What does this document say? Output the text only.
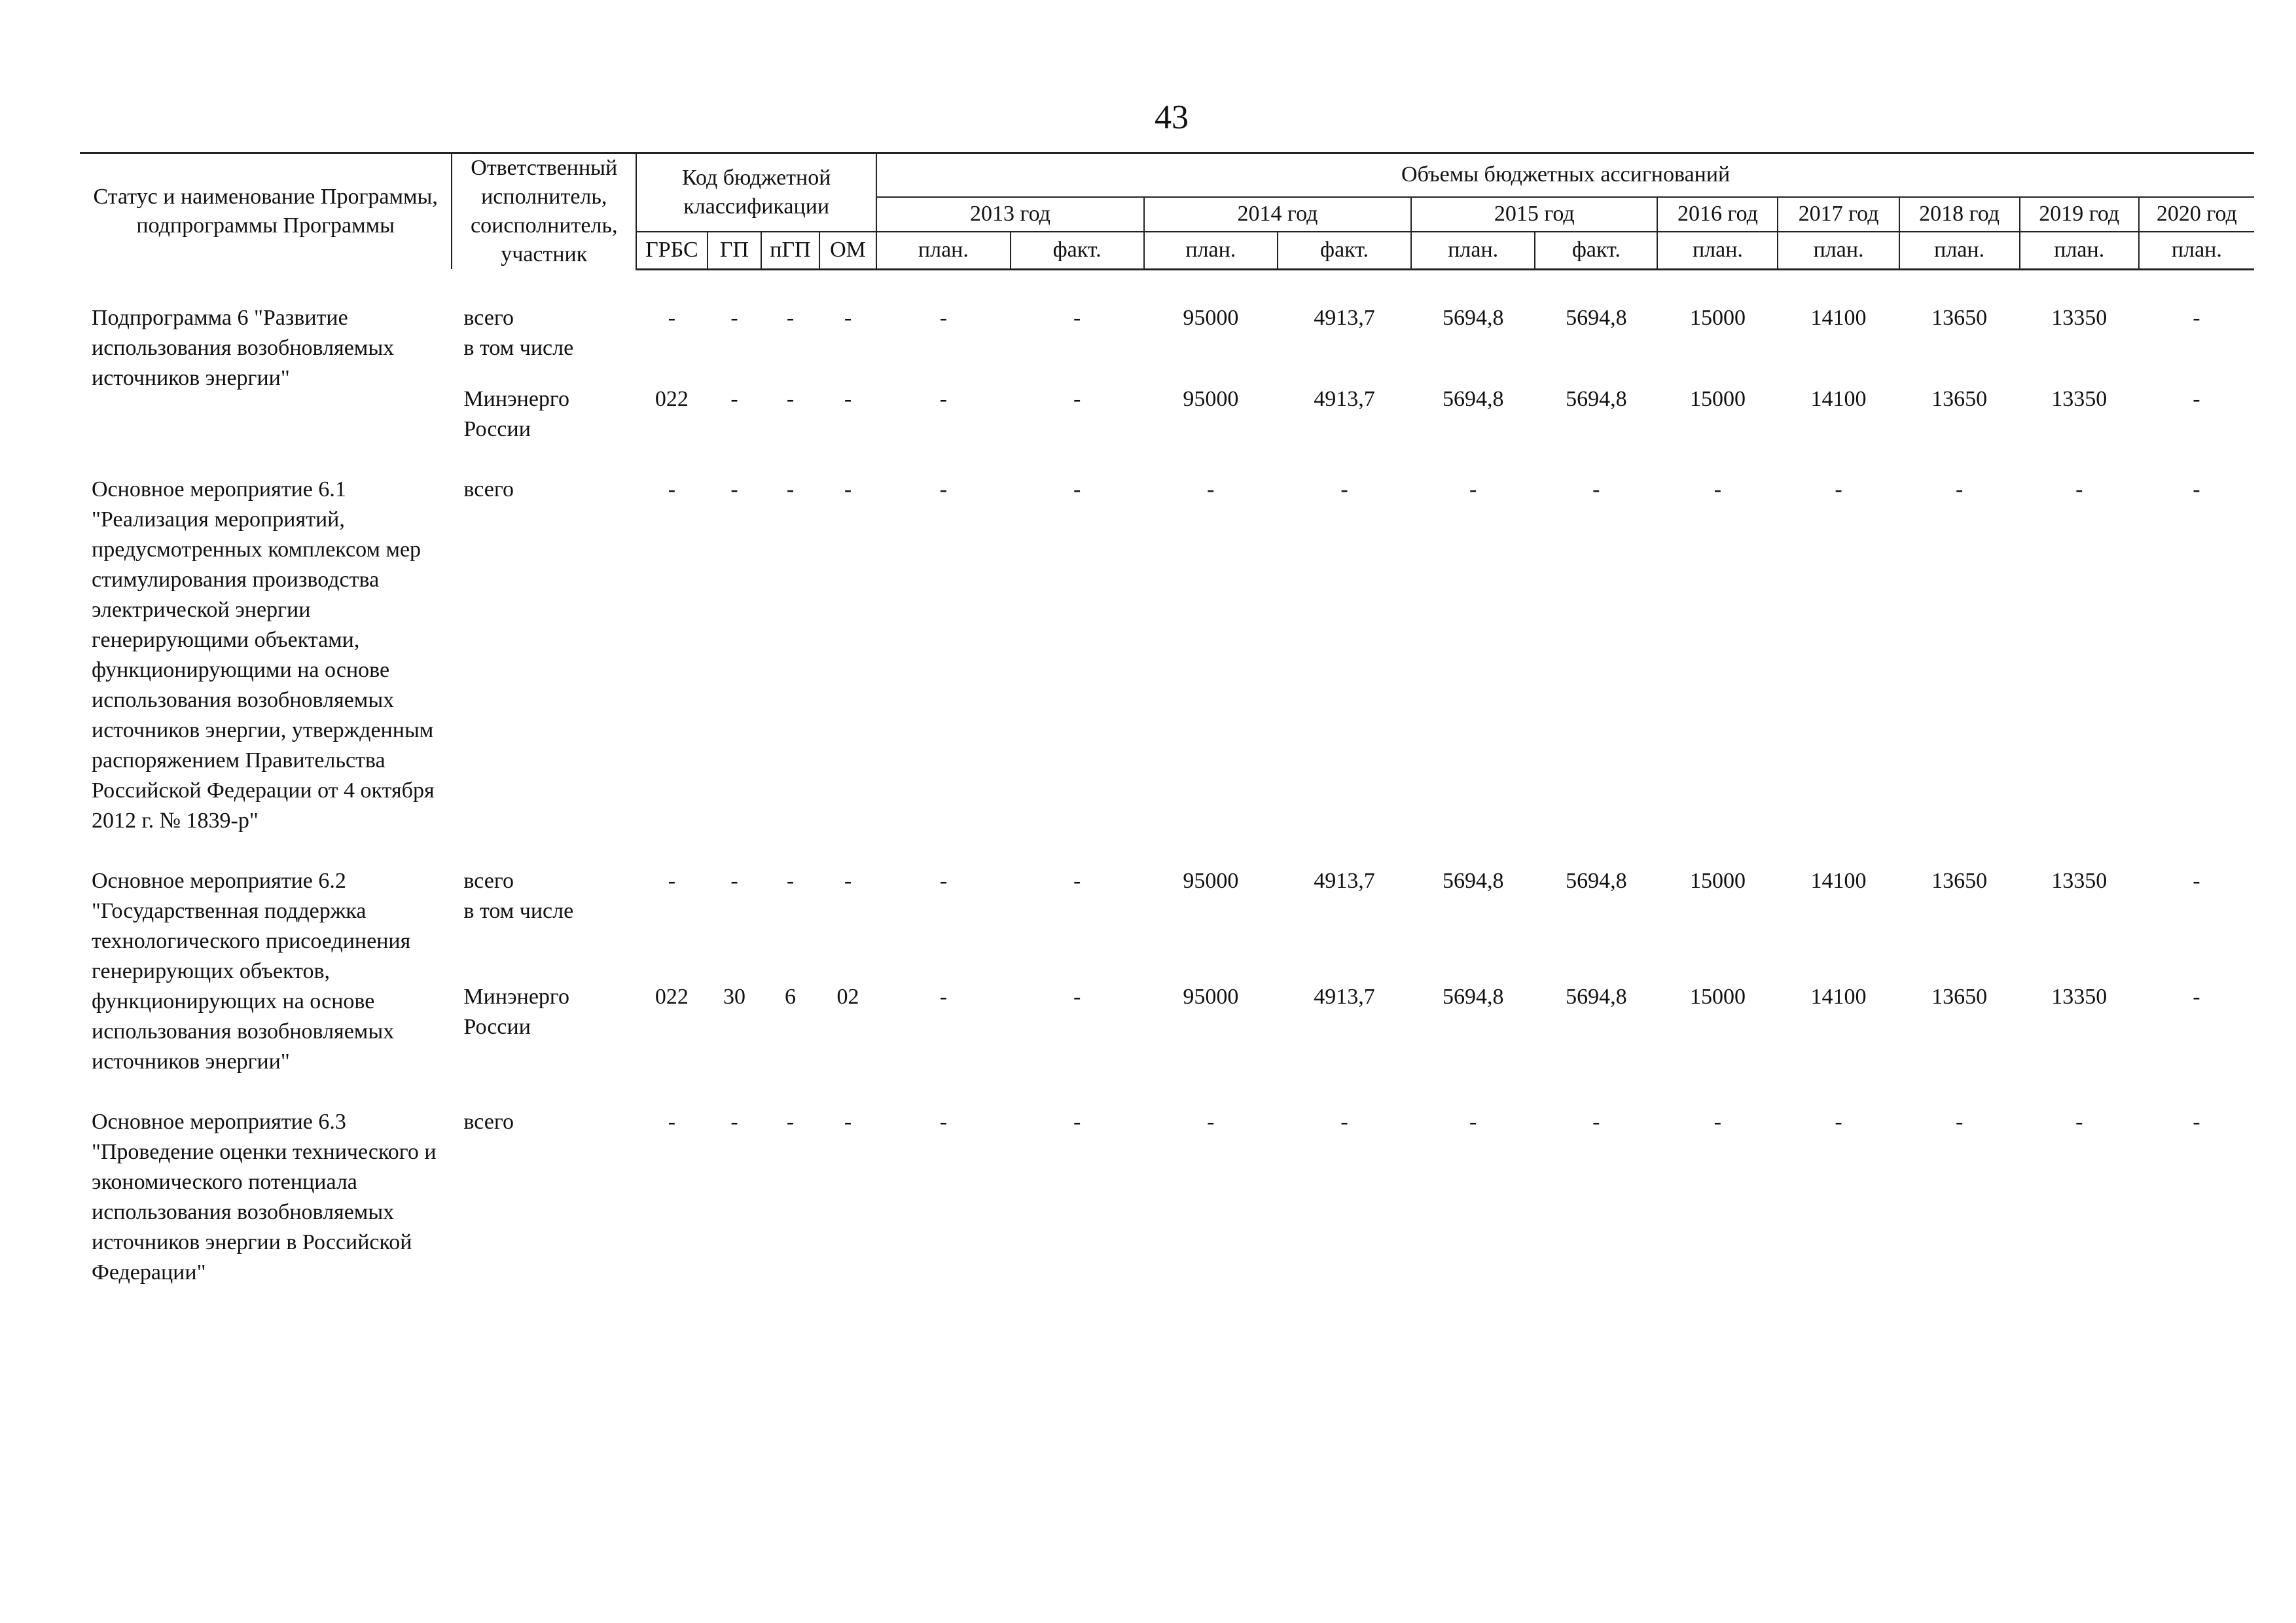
43
Статус и наименование Программы, подпрограммы Программы	Ответственный исполнитель, соисполнитель, участник	Код бюджетной классификации				Объемы бюджетных ассигнований										
						2013 год		2014 год		2015 год		2016 год	2017 год	2018 год	2019 год	2020 год
		ГРБС	ГП	пГП	ОМ	план.	факт.	план.	факт.	план.	факт.	план.	план.	план.	план.	план.

Подпрограмма 6 "Развитие использования возобновляемых источников энергии"	всего
в том числе	-	-	-	-	-	-	95000	4913,7	5694,8	5694,8	15000	14100	13650	13350	-

	Минэнерго
России	022	-	-	-	-	-	95000	4913,7	5694,8	5694,8	15000	14100	13650	13350	-

Основное мероприятие 6.1 "Реализация мероприятий, предусмотренных комплексом мер стимулирования производства электрической энергии генерирующими объектами, функционирующими на основе использования возобновляемых источников энергии, утвержденным распоряжением Правительства Российской Федерации от 4 октября 2012 г. № 1839-р"	всего	-	-	-	-	-	-	-	-	-	-	-	-	-	-	-

Основное мероприятие 6.2 "Государственная поддержка технологического присоединения генерирующих объектов, функционирующих на основе использования возобновляемых источников энергии"	всего
в том числе	-	-	-	-	-	-	95000	4913,7	5694,8	5694,8	15000	14100	13650	13350	-

	Минэнерго
России	022	30	6	02	-	-	95000	4913,7	5694,8	5694,8	15000	14100	13650	13350	-

Основное мероприятие 6.3 "Проведение оценки технического и экономического потенциала использования возобновляемых источников энергии в Российской Федерации"	всего	-	-	-	-	-	-	-	-	-	-	-	-	-	-	-
